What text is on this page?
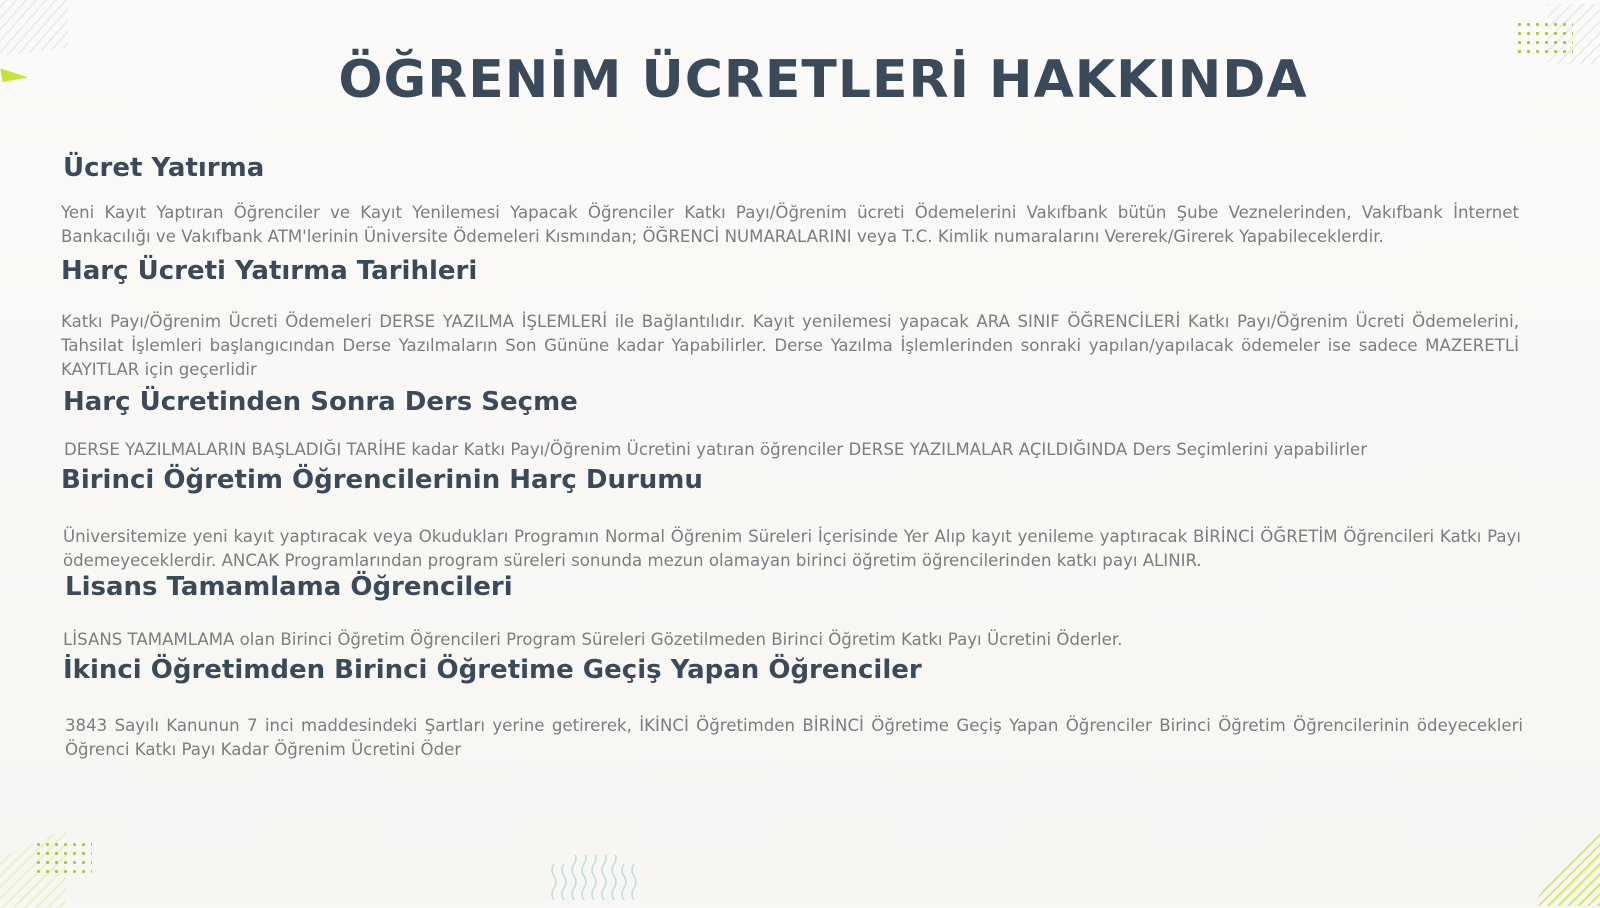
ÖĞRENİM ÜCRETLERİ HAKKINDA
Ücret Yatırma

Yeni Kayıt Yaptıran Öğrenciler ve Kayıt Yenilemesi Yapacak Öğrenciler Katkı Payı/Öğrenim ücreti Ödemelerini Vakıfbank bütün Şube Veznelerinden, Vakıfbank İnternet Bankacılığı ve Vakıfbank ATM'lerinin Üniversite Ödemeleri Kısmından; ÖĞRENCİ NUMARALARINI veya T.C. Kimlik numaralarını Vererek/Girerek Yapabileceklerdir.

Harç Ücreti Yatırma Tarihleri

Katkı Payı/Öğrenim Ücreti Ödemeleri DERSE YAZILMA İŞLEMLERİ ile Bağlantılıdır. Kayıt yenilemesi yapacak ARA SINIF ÖĞRENCİLERİ Katkı Payı/Öğrenim Ücreti Ödemelerini, Tahsilat İşlemleri başlangıcından Derse Yazılmaların Son Gününe kadar Yapabilirler. Derse Yazılma İşlemlerinden sonraki yapılan/yapılacak ödemeler ise sadece MAZERETLİ KAYITLAR için geçerlidir

Harç Ücretinden Sonra Ders Seçme

DERSE YAZILMALARIN BAŞLADIĞI TARİHE kadar Katkı Payı/Öğrenim Ücretini yatıran öğrenciler DERSE YAZILMALAR AÇILDIĞINDA Ders Seçimlerini yapabilirler

Birinci Öğretim Öğrencilerinin Harç Durumu

Üniversitemize yeni kayıt yaptıracak veya Okudukları Programın Normal Öğrenim Süreleri İçerisinde Yer Alıp kayıt yenileme yaptıracak BİRİNCİ ÖĞRETİM Öğrencileri Katkı Payı ödemeyeceklerdir. ANCAK Programlarından program süreleri sonunda mezun olamayan birinci öğretim öğrencilerinden katkı payı ALINIR.

Lisans Tamamlama Öğrencileri

LİSANS TAMAMLAMA olan Birinci Öğretim Öğrencileri Program Süreleri Gözetilmeden Birinci Öğretim Katkı Payı Ücretini Öderler.

İkinci Öğretimden Birinci Öğretime Geçiş Yapan Öğrenciler

3843 Sayılı Kanunun 7 inci maddesindeki Şartları yerine getirerek, İKİNCİ Öğretimden BİRİNCİ Öğretime Geçiş Yapan Öğrenciler Birinci Öğretim Öğrencilerinin ödeyecekleri Öğrenci Katkı Payı Kadar Öğrenim Ücretini Öder
